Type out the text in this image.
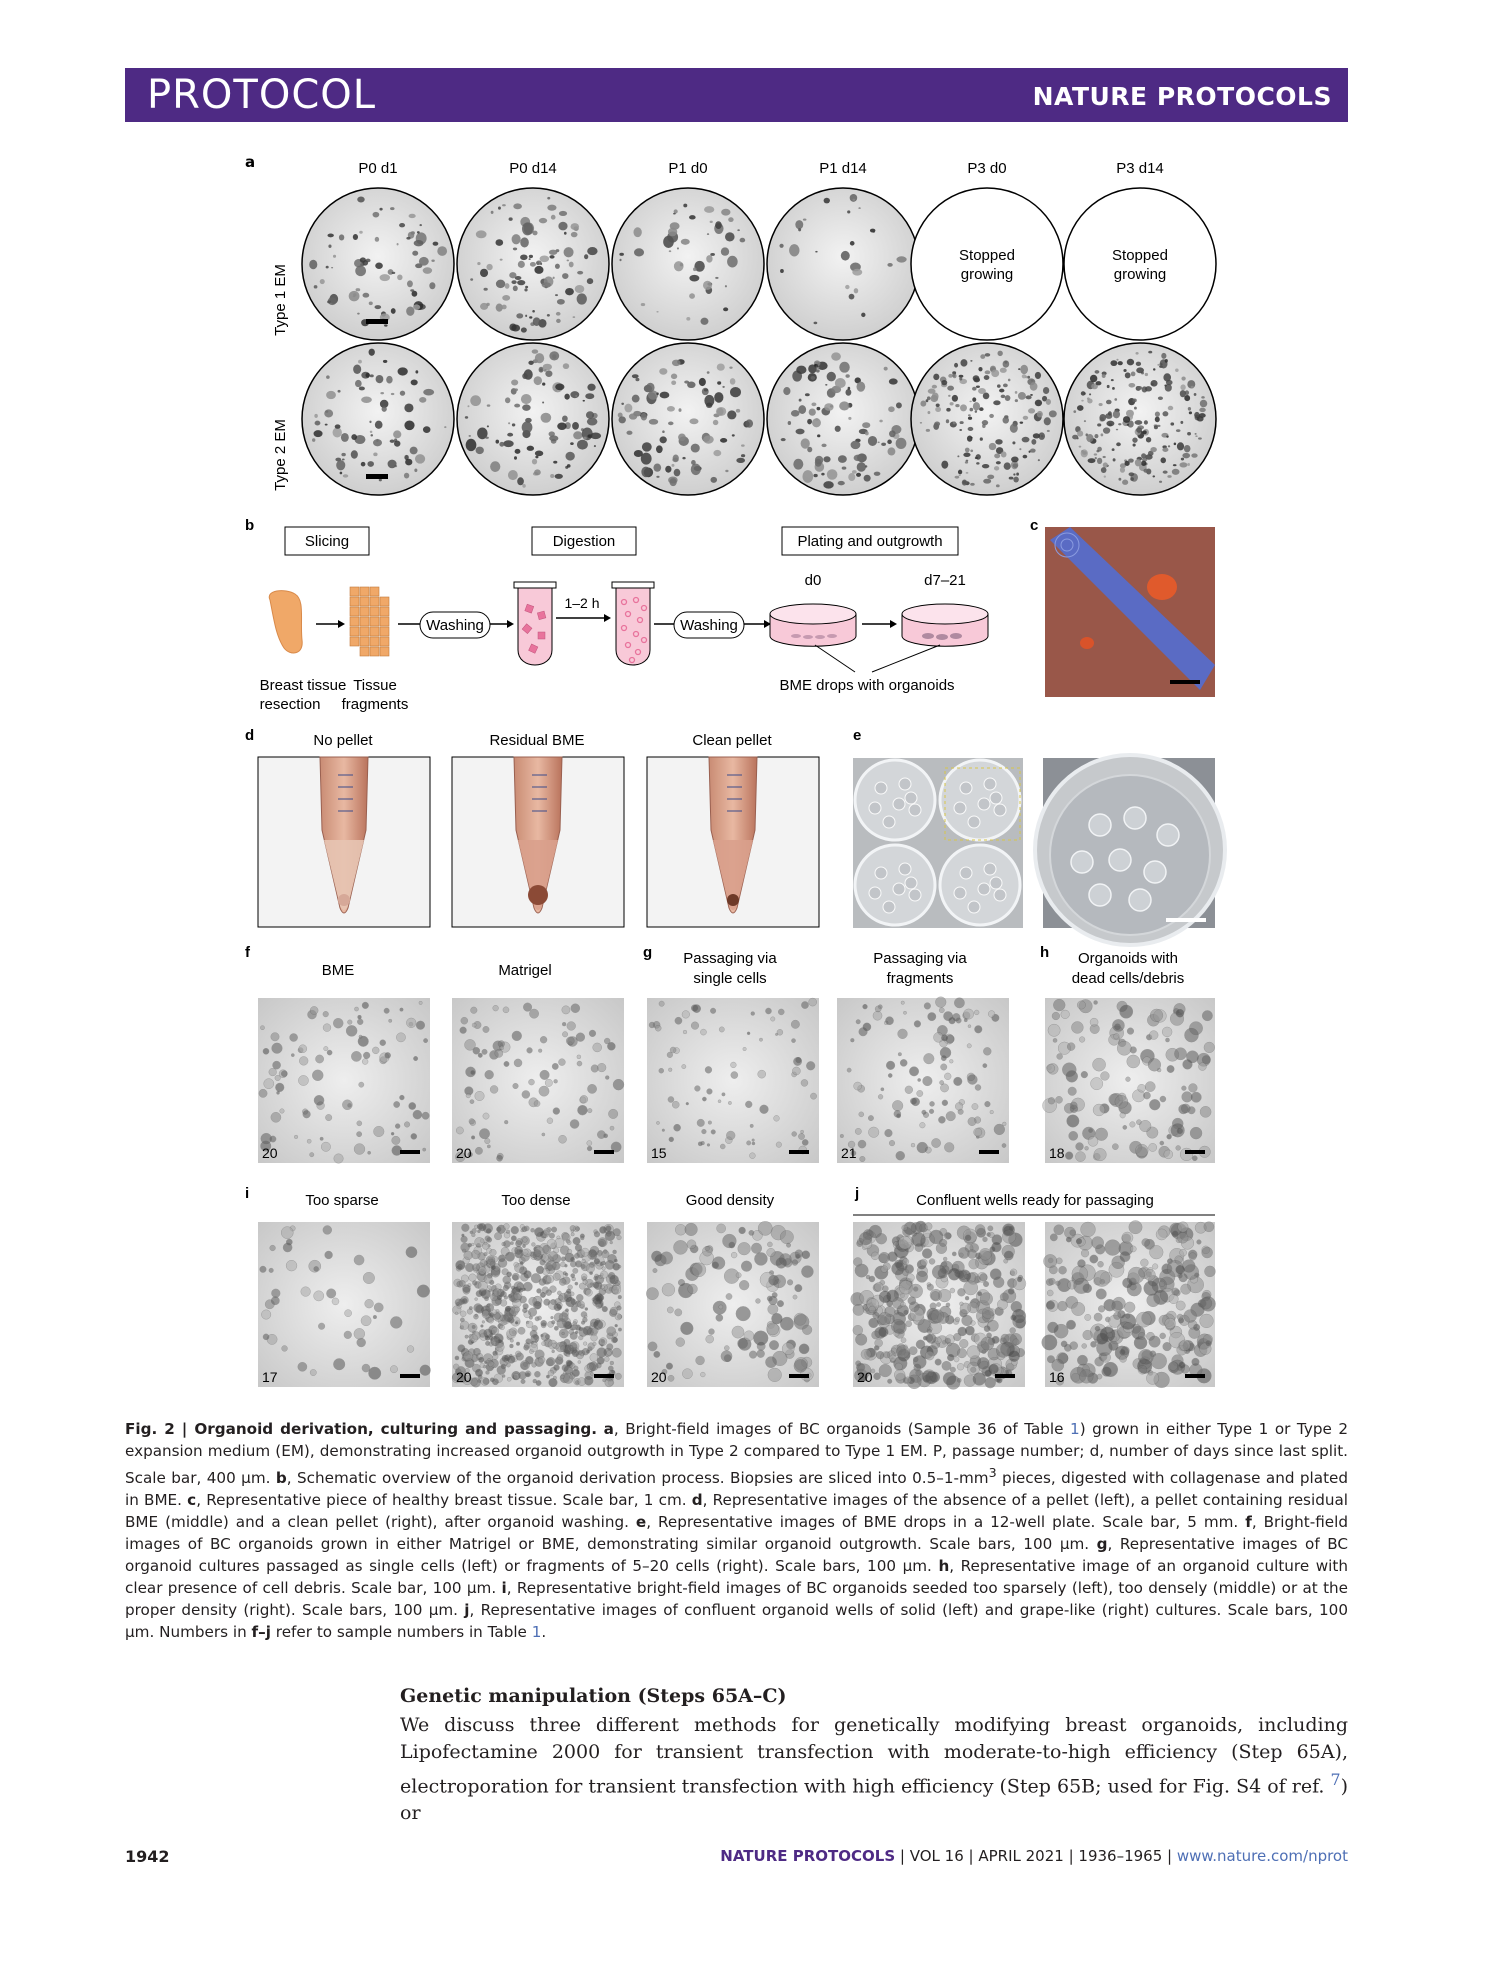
PROTOCOL	NATURE PROTOCOLS
a	P0 d1	P0 d14	P1 d0	P1 d14	P3 d0	P3 d14
Type 1 EM
Type 2 EM
Stopped
growing
Stopped
growing
b
Slicing	Digestion	Plating and outgrowth
Washing
1–2 h
Washing
d0	d7–21
Breast tissue
resection
Tissue
fragments
BME drops with organoids
c
d	No pellet	Residual BME	Clean pellet	e
f
BME	Matrigel
g Passaging via
single cells
Passaging via
fragments
h Organoids with
dead cells/debris
i	Too sparse	Too dense	Good density	j	Confluent wells ready for passaging
20	20	15	21	18
17	20	20	20	16
Fig. 2 | Organoid derivation, culturing and passaging. a, Bright-field images of BC organoids (Sample 36 of Table 1) grown in either Type 1 or Type 2 expansion medium (EM), demonstrating increased organoid outgrowth in Type 2 compared to Type 1 EM. P, passage number; d, number of days since last split. Scale bar, 400 µm. b, Schematic overview of the organoid derivation process. Biopsies are sliced into $0.5-1-mm^3$ pieces, digested with collagenase and plated in BME. c, Representative piece of healthy breast tissue. Scale bar, 1 cm. d, Representative images of the absence of a pellet (left), a pellet containing residual BME (middle) and a clean pellet (right), after organoid washing. e, Representative images of BME drops in a 12-well plate. Scale bar, 5 mm. f, Bright-field images of BC organoids grown in either Matrigel or BME, demonstrating similar organoid outgrowth. Scale bars, 100 µm. g, Representative images of BC organoid cultures passaged as single cells (left) or fragments of 5–20 cells (right). Scale bars, 100 µm. h, Representative image of an organoid culture with clear presence of cell debris. Scale bar, 100 µm. i, Representative bright-field images of BC organoids seeded too sparsely (left), too densely (middle) or at the proper density (right). Scale bars, 100 µm. j, Representative images of confluent organoid wells of solid (left) and grape-like (right) cultures. Scale bars, 100 µm. Numbers in f–j refer to sample numbers in Table 1.
Genetic manipulation (Steps 65A–C)

We discuss three different methods for genetically modifying breast organoids, including Lipofectamine 2000 for transient transfection with moderate-to-high efficiency (Step 65A), electroporation for transient transfection with high efficiency (Step 65B; used for Fig. S4 of ref. $^7$) or

1942	NATURE PROTOCOLS | VOL 16 | APRIL 2021 | 1936–1965 | www.nature.com/nprot
